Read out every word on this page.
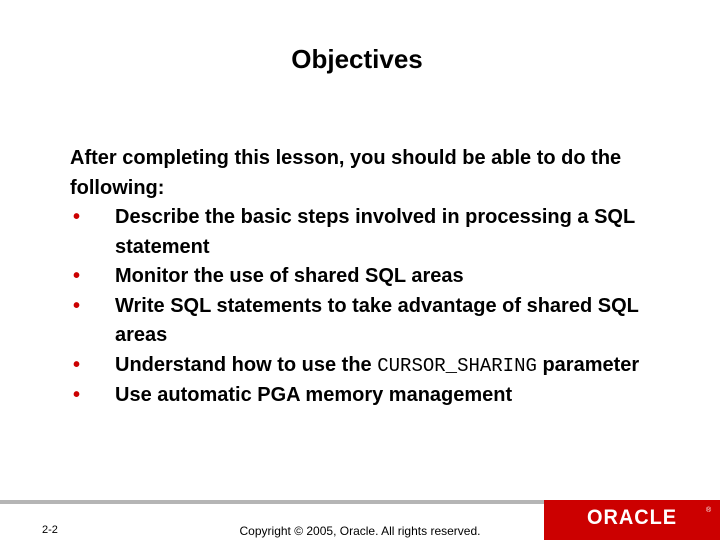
Objectives

After completing this lesson, you should be able to do the following:

• Describe the basic steps involved in processing a SQL statement
• Monitor the use of shared SQL areas
• Write SQL statements to take advantage of shared SQL areas
• Understand how to use the CURSOR_SHARING parameter
• Use automatic PGA memory management
ORACLE	®
2-2	Copyright © 2005, Oracle. All rights reserved.
